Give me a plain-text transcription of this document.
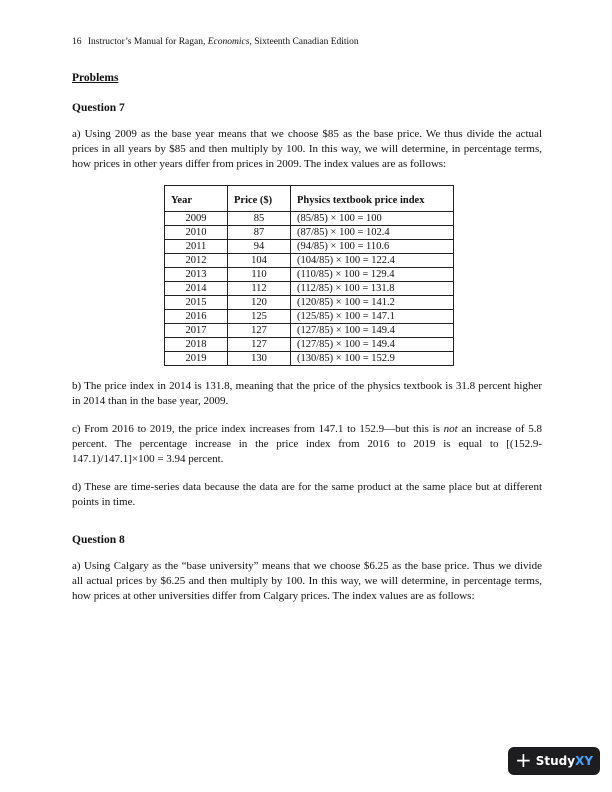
16 Instructor’s Manual for Ragan, Economics, Sixteenth Canadian Edition
Problems
Question 7

a) Using 2009 as the base year means that we choose $85 as the base price. We thus divide the actual prices in all years by $85 and then multiply by 100. In this way, we will determine, in percentage terms, how prices in other years differ from prices in 2009. The index values are as follows:

Year	Price ($)	Physics textbook price index
2009	85	(85/85) × 100 = 100
2010	87	(87/85) × 100 = 102.4
2011	94	(94/85) × 100 = 110.6
2012	104	(104/85) × 100 = 122.4
2013	110	(110/85) × 100 = 129.4
2014	112	(112/85) × 100 = 131.8
2015	120	(120/85) × 100 = 141.2
2016	125	(125/85) × 100 = 147.1
2017	127	(127/85) × 100 = 149.4
2018	127	(127/85) × 100 = 149.4
2019	130	(130/85) × 100 = 152.9

b) The price index in 2014 is 131.8, meaning that the price of the physics textbook is 31.8 percent higher in 2014 than in the base year, 2009.

c) From 2016 to 2019, the price index increases from 147.1 to 152.9—but this is not an increase of 5.8 percent. The percentage increase in the price index from 2016 to 2019 is equal to [(152.9-147.1)/147.1]×100 = 3.94 percent.

d) These are time-series data because the data are for the same product at the same place but at different points in time.

Question 8

a) Using Calgary as the “base university” means that we choose $6.25 as the base price. Thus we divide all actual prices by $6.25 and then multiply by 100. In this way, we will determine, in percentage terms, how prices at other universities differ from Calgary prices. The index values are as follows:

+ StudyXY
